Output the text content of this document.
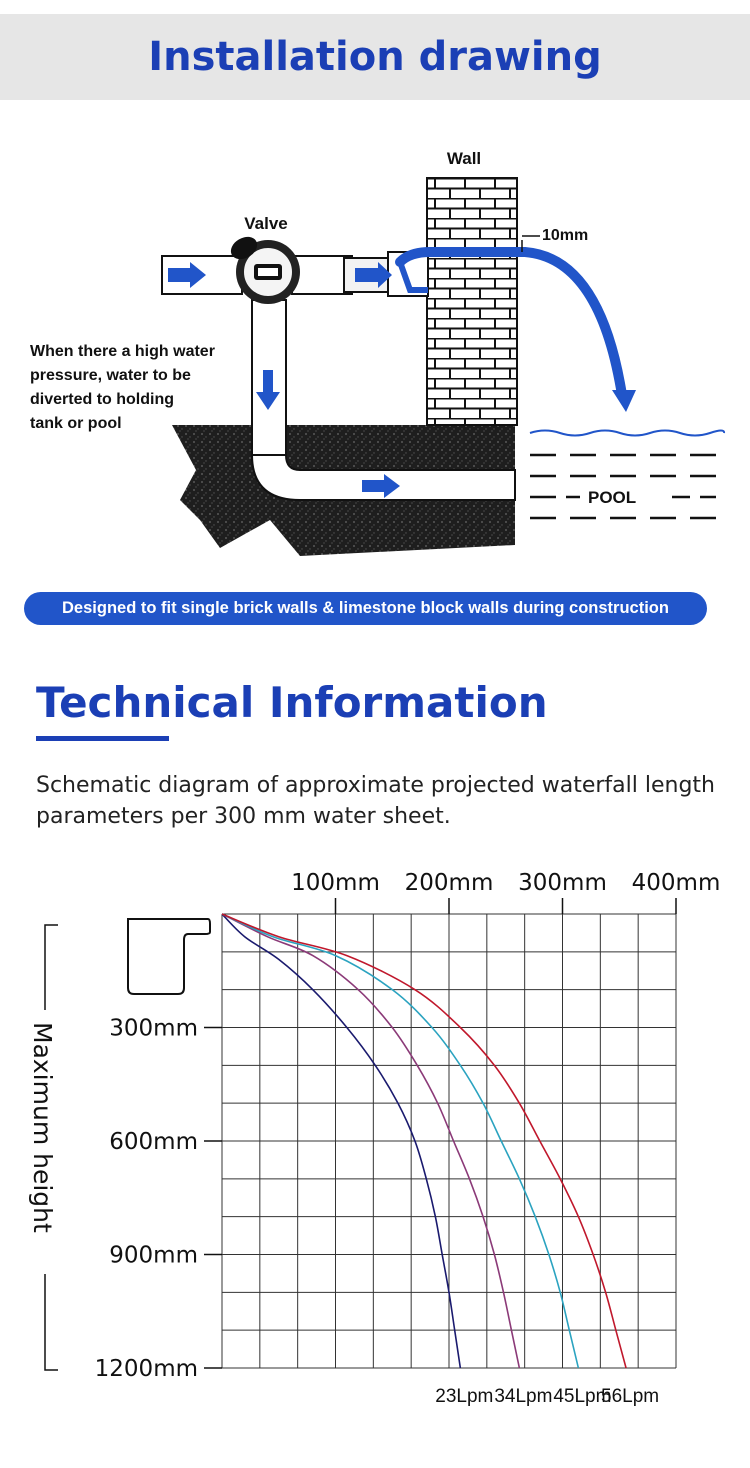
Installation drawing
Wall
Valve
10mm
POOL
When there a high water
pressure, water to be
diverted to holding
tank or pool
Designed to fit single brick walls & limestone block walls during construction
Technical Information
Schematic diagram of approximate projected waterfall length parameters per 300 mm water sheet.
Maximum height
100mm 200mm 300mm 400mm
300mm
600mm
900mm
1200mm
23Lpm 34Lpm 45Lpm
56Lpm
